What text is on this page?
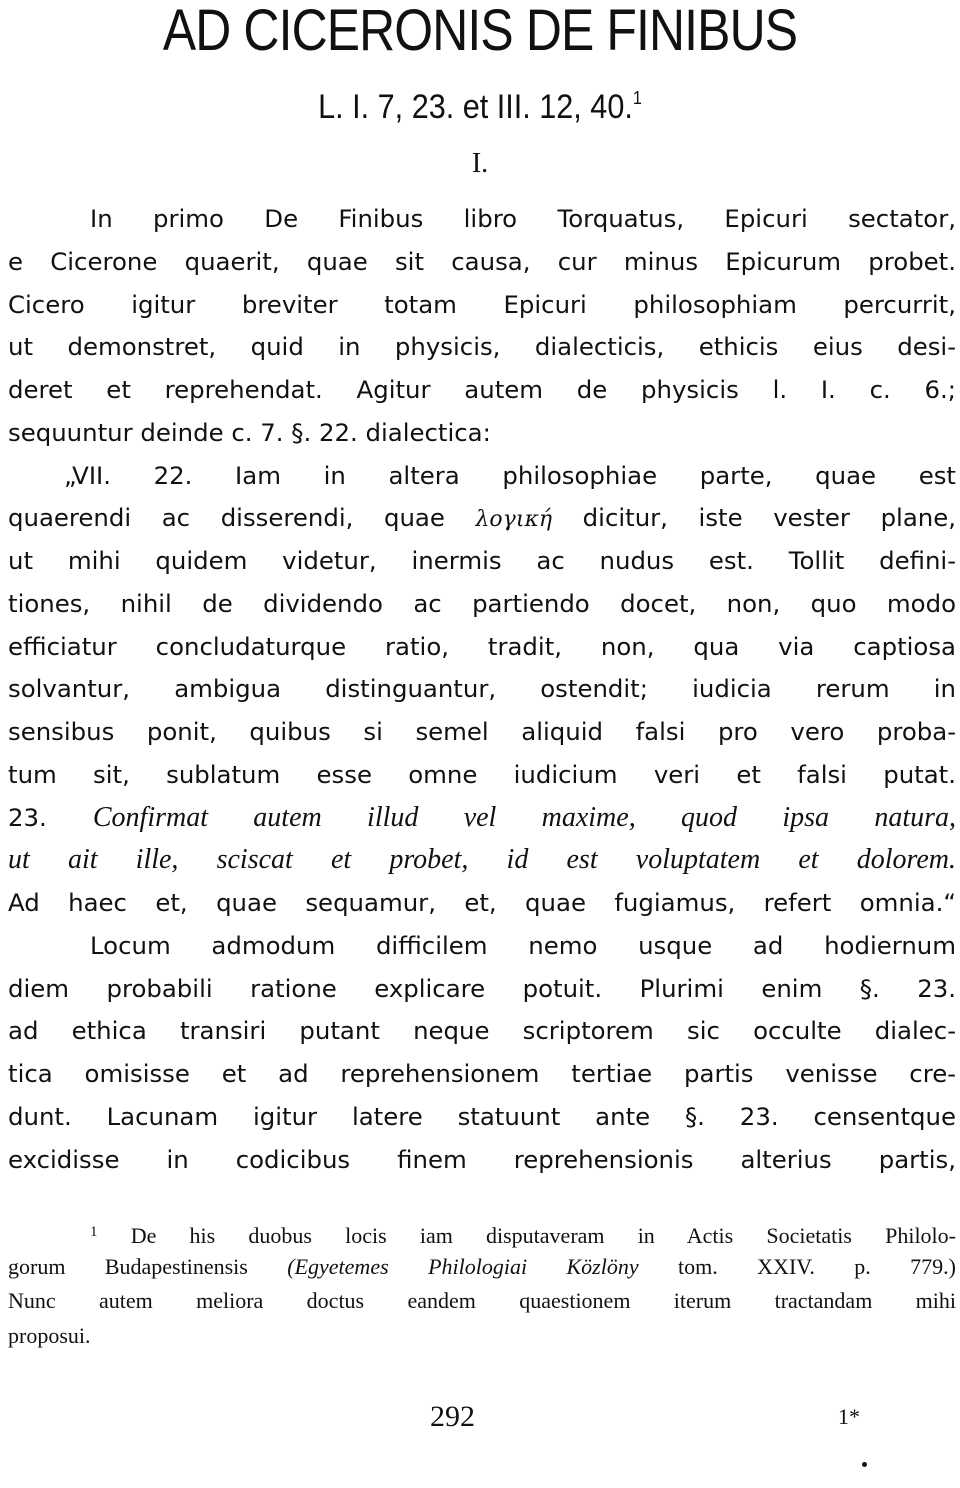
AD CICERONIS DE FINIBUS
L. I. 7, 23. et III. 12, 40.$^1$
I.
In primo De Finibus libro Torquatus, Epicuri sectator,
e Cicerone quaerit, quae sit causa, cur minus Epicurum probet.
Cicero igitur breviter totam Epicuri philosophiam percurrit,
ut demonstret, quid in physicis, dialecticis, ethicis eius desi-
deret et reprehendat. Agitur autem de physicis l. I. c. 6.;
sequuntur deinde c. 7. §. 22. dialectica:
„VII. 22. Iam in altera philosophiae parte, quae est
quaerendi ac disserendi, quae λογική dicitur, iste vester plane,
ut mihi quidem videtur, inermis ac nudus est. Tollit defini-
tiones, nihil de dividendo ac partiendo docet, non, quo modo
efficiatur concludaturque ratio, tradit, non, qua via captiosa
solvantur, ambigua distinguantur, ostendit; iudicia rerum in
sensibus ponit, quibus si semel aliquid falsi pro vero proba-
tum sit, sublatum esse omne iudicium veri et falsi putat.
23. Confirmat autem illud vel maxime, quod ipsa natura,
ut ait ille, sciscat et probet, id est voluptatem et dolorem.
Ad haec et, quae sequamur, et, quae fugiamus, refert omnia.“
Locum admodum difficilem nemo usque ad hodiernum
diem probabili ratione explicare potuit. Plurimi enim §. 23.
ad ethica transiri putant neque scriptorem sic occulte dialec-
tica omisisse et ad reprehensionem tertiae partis venisse cre-
dunt. Lacunam igitur latere statuunt ante §. 23. censentque
excidisse in codicibus finem reprehensionis alterius partis,
$^1$ De his duobus locis iam disputaveram in Actis Societatis Philolo-
gorum Budapestinensis (Egyetemes Philologiai Közlöny tom. XXIV. p. 779.)
Nunc autem meliora doctus eandem quaestionem iterum tractandam mihi
proposui.
292	1*
